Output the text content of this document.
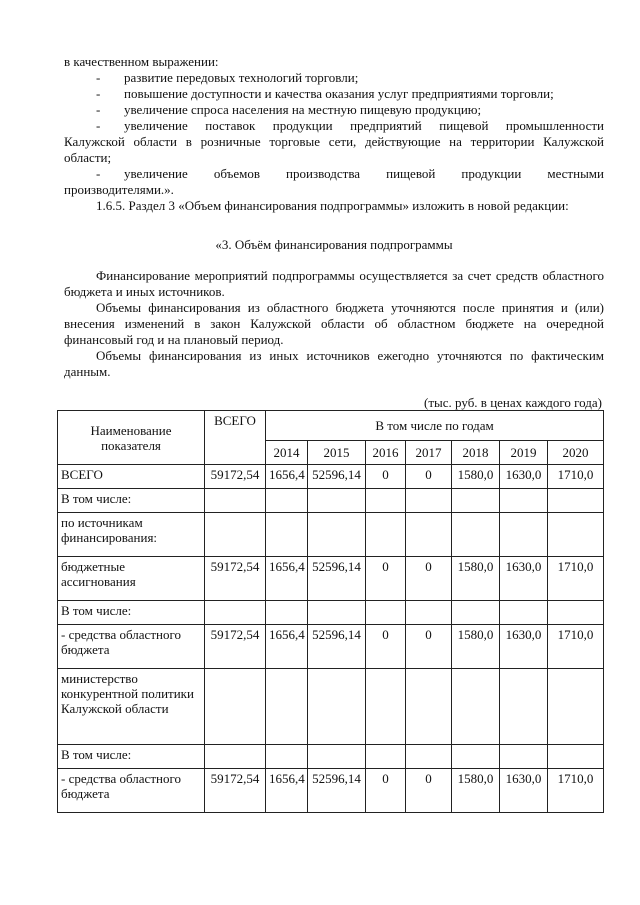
в качественном выражении:

-	развитие передовых технологий торговли;
-	повышение доступности и качества оказания услуг предприятиями торговли;
-	увеличение спроса населения на местную пищевую продукцию;
-	увеличение поставок продукции предприятий пищевой промышленности

Калужской области в розничные торговые сети, действующие на территории Калужской области;

-	увеличение объемов производства пищевой продукции местными

производителями.».

1.6.5. Раздел 3 «Объем финансирования подпрограммы» изложить в новой редакции:

«3. Объём финансирования подпрограммы

Финансирование мероприятий подпрограммы осуществляется за счет средств областного бюджета и иных источников.

Объемы финансирования из областного бюджета уточняются после принятия и (или) внесения изменений в закон Калужской области об областном бюджете на очередной финансовый год и на плановый период.

Объемы финансирования из иных источников ежегодно уточняются по фактическим данным.

(тыс. руб. в ценах каждого года)

Наименование показателя	ВСЕГО	В том числе по годам						
		2014	2015	2016	2017	2018	2019	2020
ВСЕГО	59172,54	1656,4	52596,14	0	0	1580,0	1630,0	1710,0
В том числе:								
по источникам финансирования:								
бюджетные ассигнования	59172,54	1656,4	52596,14	0	0	1580,0	1630,0	1710,0
В том числе:								
- средства областного бюджета	59172,54	1656,4	52596,14	0	0	1580,0	1630,0	1710,0
министерство конкурентной политики Калужской области								
В том числе:								
- средства областного бюджета	59172,54	1656,4	52596,14	0	0	1580,0	1630,0	1710,0
